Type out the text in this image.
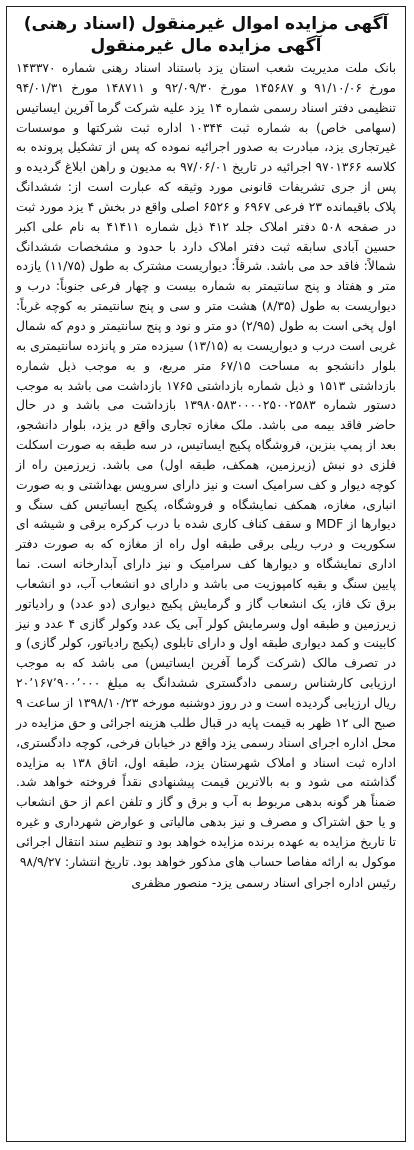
آگهی مزایده اموال غیرمنقول (اسناد رهنی)

آگهی مزایده مال غیرمنقول

بانک ملت مدیریت شعب استان یزد باستناد اسناد رهنی شماره ۱۴۳۳۷۰ مورخ ۹۱/۱۰/۰۶ و ۱۴۵۶۸۷ مورخ ۹۲/۰۹/۳۰ و ۱۴۸۷۱۱ مورخ ۹۴/۰۱/۳۱ تنظیمی دفتر اسناد رسمی شماره ۱۴ یزد علیه شرکت گرما آفرین ایساتیس (سهامی خاص) به شماره ثبت ۱۰۳۴۴ اداره ثبت شرکتها و موسسات غیرتجاری یزد، مبادرت به صدور اجرائیه نموده که پس از تشکیل پرونده به کلاسه ۹۷۰۱۳۶۶ اجرائیه در تاریخ ۹۷/۰۶/۰۱ به مدیون و راهن ابلاغ گردیده و پس از جری تشریفات قانونی مورد وثیقه که عبارت است از: ششدانگ پلاک باقیمانده ۲۳ فرعی ۶۹۶۷ و ۶۵۲۶ اصلی واقع در بخش ۴ یزد مورد ثبت در صفحه ۵۰۸ دفتر املاک جلد ۴۱۲ ذیل شماره ۴۱۴۱۱ به نام علی اکبر حسین آبادی سابقه ثبت دفتر املاک دارد با حدود و مشخصات ششدانگ شمالاً: فاقد حد می باشد. شرقاً: دیواریست مشترک به طول (۱۱/۷۵) یازده متر و هفتاد و پنج سانتیمتر به شماره بیست و چهار فرعی جنوباً: درب و دیواریست به طول (۸/۳۵) هشت متر و سی و پنج سانتیمتر به کوچه غرباً: اول پخی است به طول (۲/۹۵) دو متر و نود و پنج سانتیمتر و دوم که شمال غربی است درب و دیواریست به (۱۳/۱۵) سیزده متر و پانزده سانتیمتری به بلوار دانشجو به مساحت ۶۷/۱۵ متر مربع، و به موجب ذیل شماره بازداشتی ۱۵۱۳ و ذیل شماره بازداشتی ۱۷۶۵ بازداشت می باشد به موجب دستور شماره ۱۳۹۸۰۵۸۳۰۰۰۰۲۵۰۰۲۵۸۳ بازداشت می باشد و در حال حاضر فاقد بیمه می باشد. ملک مغازه تجاری واقع در یزد، بلوار دانشجو، بعد از پمپ بنزین، فروشگاه پکیج ایساتیس، در سه طبقه به صورت اسکلت فلزی دو نبش (زیرزمین، همکف، طبقه اول) می باشد. زیرزمین راه از کوچه دیوار و کف سرامیک است و نیز دارای سرویس بهداشتی و به صورت انباری، مغازه، همکف نمایشگاه و فروشگاه، پکیج ایساتیس کف سنگ و دیوارها از MDF و سقف کناف کاری شده با درب کرکره برقی و شیشه ای سکوریت و درب ریلی برقی طبقه اول راه از مغازه که به صورت دفتر اداری نمایشگاه و دیوارها کف سرامیک و نیز دارای آبدارخانه است. نما پایین سنگ و بقیه کامپوزیت می باشد و دارای دو انشعاب آب، دو انشعاب برق تک فاز، یک انشعاب گاز و گرمایش پکیج دیواری (دو عدد) و رادیاتور زیرزمین و طبقه اول وسرمایش کولر آبی یک عدد وکولر گازی ۴ عدد و نیز کابینت و کمد دیواری طبقه اول و دارای تابلوی (پکیج رادیاتور، کولر گازی) و در تصرف مالک (شرکت گرما آفرین ایساتیس) می باشد که به موجب ارزیابی کارشناس رسمی دادگستری ششدانگ به مبلغ ۲۰٬۱۶۷٬۹۰۰٬۰۰۰ ریال ارزیابی گردیده است و در روز دوشنبه مورخه ۱۳۹۸/۱۰/۲۳ از ساعت ۹ صبح الی ۱۲ ظهر به قیمت پایه در قبال طلب هزینه اجرائی و حق مزایده در محل اداره اجرای اسناد رسمی یزد واقع در خیابان فرخی، کوچه دادگستری، اداره ثبت اسناد و املاک شهرستان یزد، طبقه اول، اتاق ۱۳۸ به مزایده گذاشته می شود و به بالاترین قیمت پیشنهادی نقداً فروخته خواهد شد. ضمناً هر گونه بدهی مربوط به آب و برق و گاز و تلفن اعم از حق انشعاب و یا حق اشتراک و مصرف و نیز بدهی مالیاتی و عوارض شهرداری و غیره تا تاریخ مزایده به عهده برنده مزایده خواهد بود و تنظیم سند انتقال اجرائی موکول به ارائه مفاصا حساب های مذکور خواهد بود. تاریخ انتشار: ۹۸/۹/۲۷

رئیس اداره اجرای اسناد رسمی یزد- منصور مظفری
